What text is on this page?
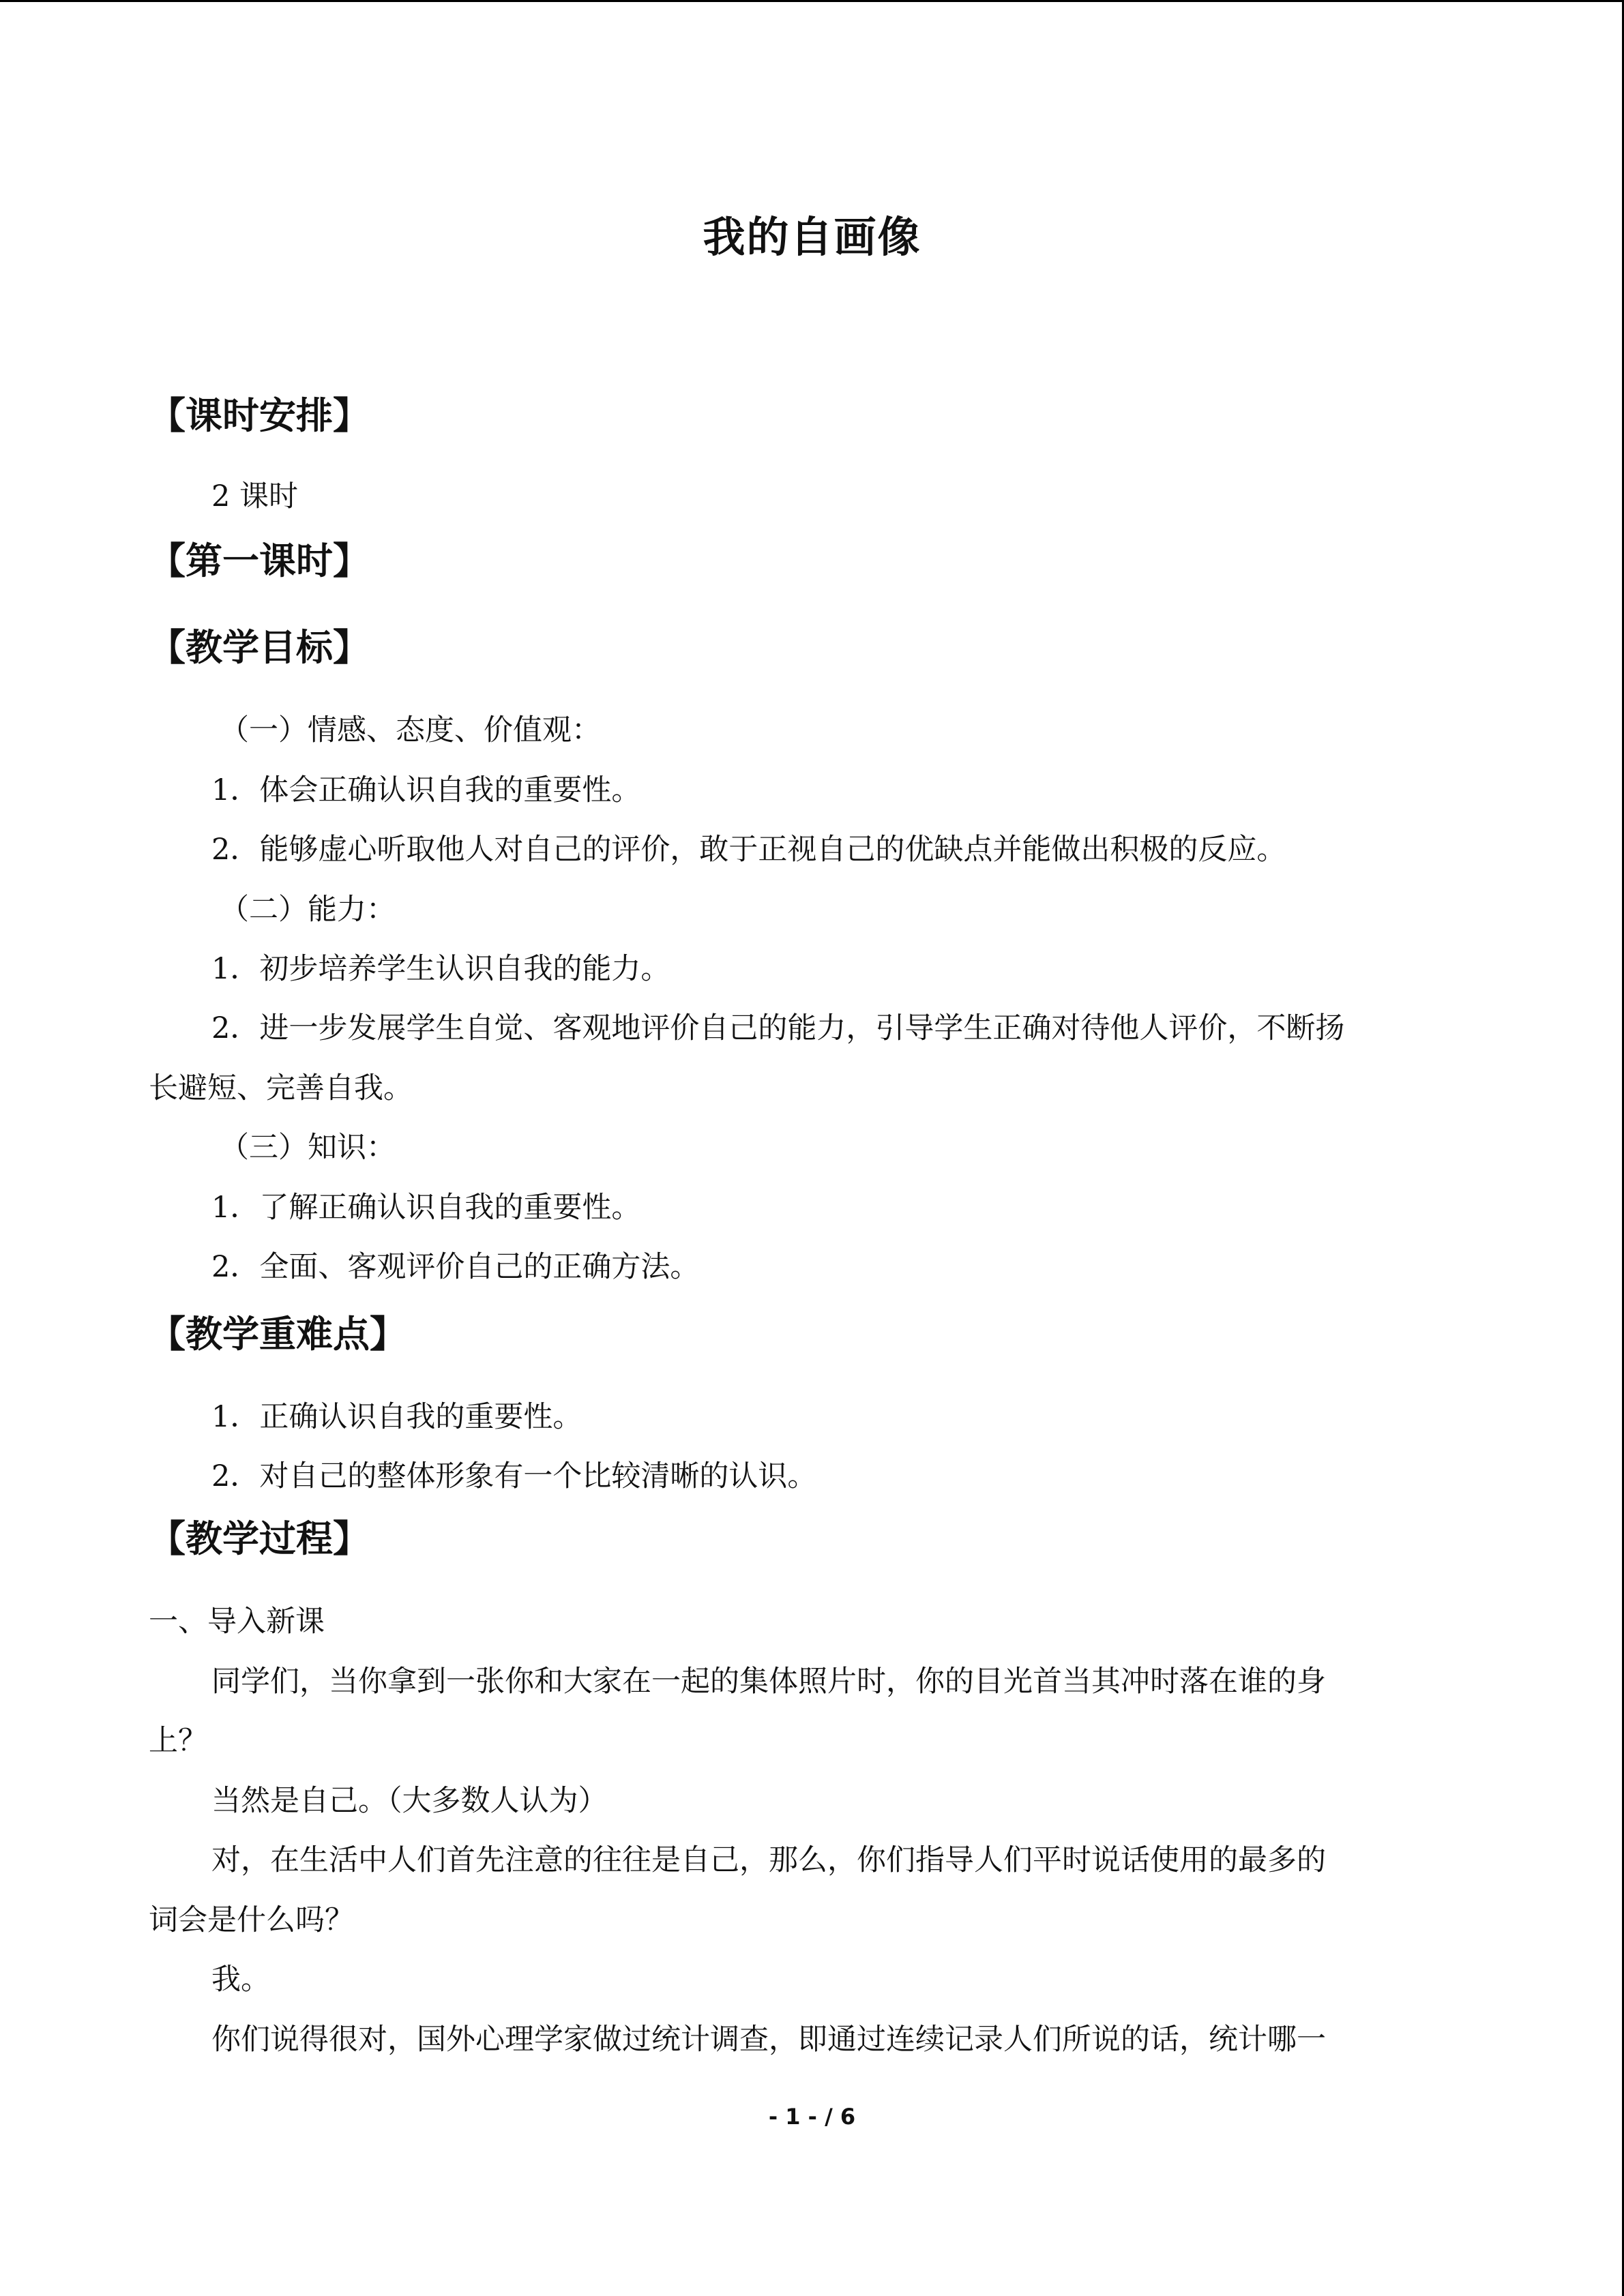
我的自画像
【课时安排】
2 课时
【第一课时】
【教学目标】
（一）情感、态度、价值观：
1．体会正确认识自我的重要性。
2．能够虚心听取他人对自己的评价，敢于正视自己的优缺点并能做出积极的反应。
（二）能力：
1．初步培养学生认识自我的能力。
2．进一步发展学生自觉、客观地评价自己的能力，引导学生正确对待他人评价，不断扬
长避短、完善自我。
（三）知识：
1．了解正确认识自我的重要性。
2．全面、客观评价自己的正确方法。
【教学重难点】
1．正确认识自我的重要性。
2．对自己的整体形象有一个比较清晰的认识。
【教学过程】
一、导入新课
同学们，当你拿到一张你和大家在一起的集体照片时，你的目光首当其冲时落在谁的身
上？
当然是自己。（大多数人认为）
对，在生活中人们首先注意的往往是自己，那么，你们指导人们平时说话使用的最多的
词会是什么吗？
我。
你们说得很对，国外心理学家做过统计调查，即通过连续记录人们所说的话，统计哪一
- 1 - / 6
